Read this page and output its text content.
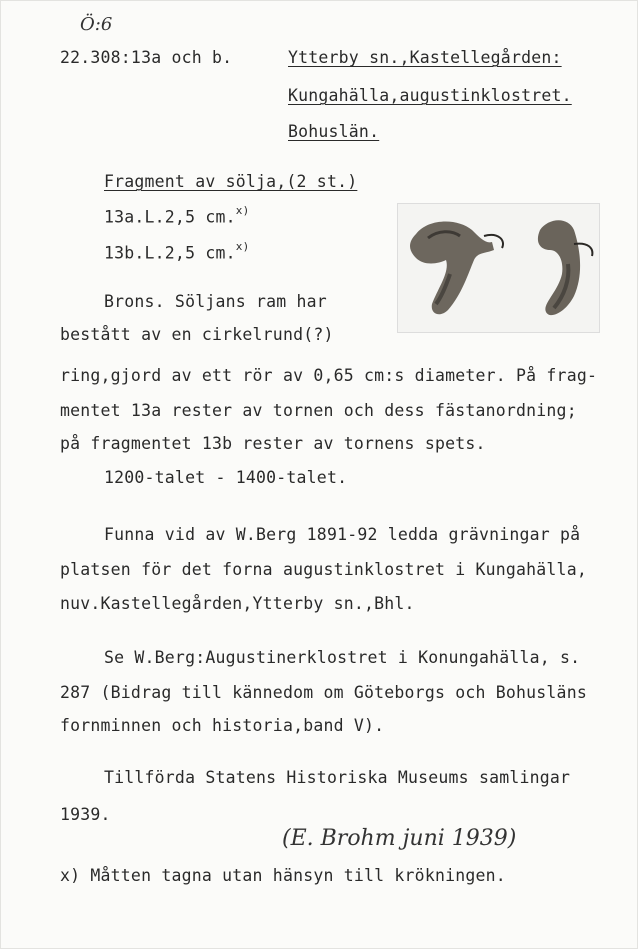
Ö:6
22.308:13a och b.	Ytterby sn.,Kastellegården:
Kungahälla,augustinklostret.
Bohuslän.
Fragment av sölja,(2 st.)
13a.L.2,5 cm.$^{x)}$
13b.L.2,5 cm.$^{x)}$
Brons. Söljans ram har
bestått av en cirkelrund(?)
ring,gjord av ett rör av 0,65 cm:s diameter. På frag-
mentet 13a rester av tornen och dess fästanordning;
på fragmentet 13b rester av tornens spets.
1200-talet - 1400-talet.
Funna vid av W.Berg 1891-92 ledda grävningar på
platsen för det forna augustinklostret i Kungahälla,
nuv.Kastellegården,Ytterby sn.,Bhl.
Se W.Berg:Augustinerklostret i Konungahälla, s.
287 (Bidrag till kännedom om Göteborgs och Bohusläns
fornminnen och historia,band V).
Tillförda Statens Historiska Museums samlingar
1939.
(E. Brohm juni 1939)
x) Måtten tagna utan hänsyn till krökningen.
